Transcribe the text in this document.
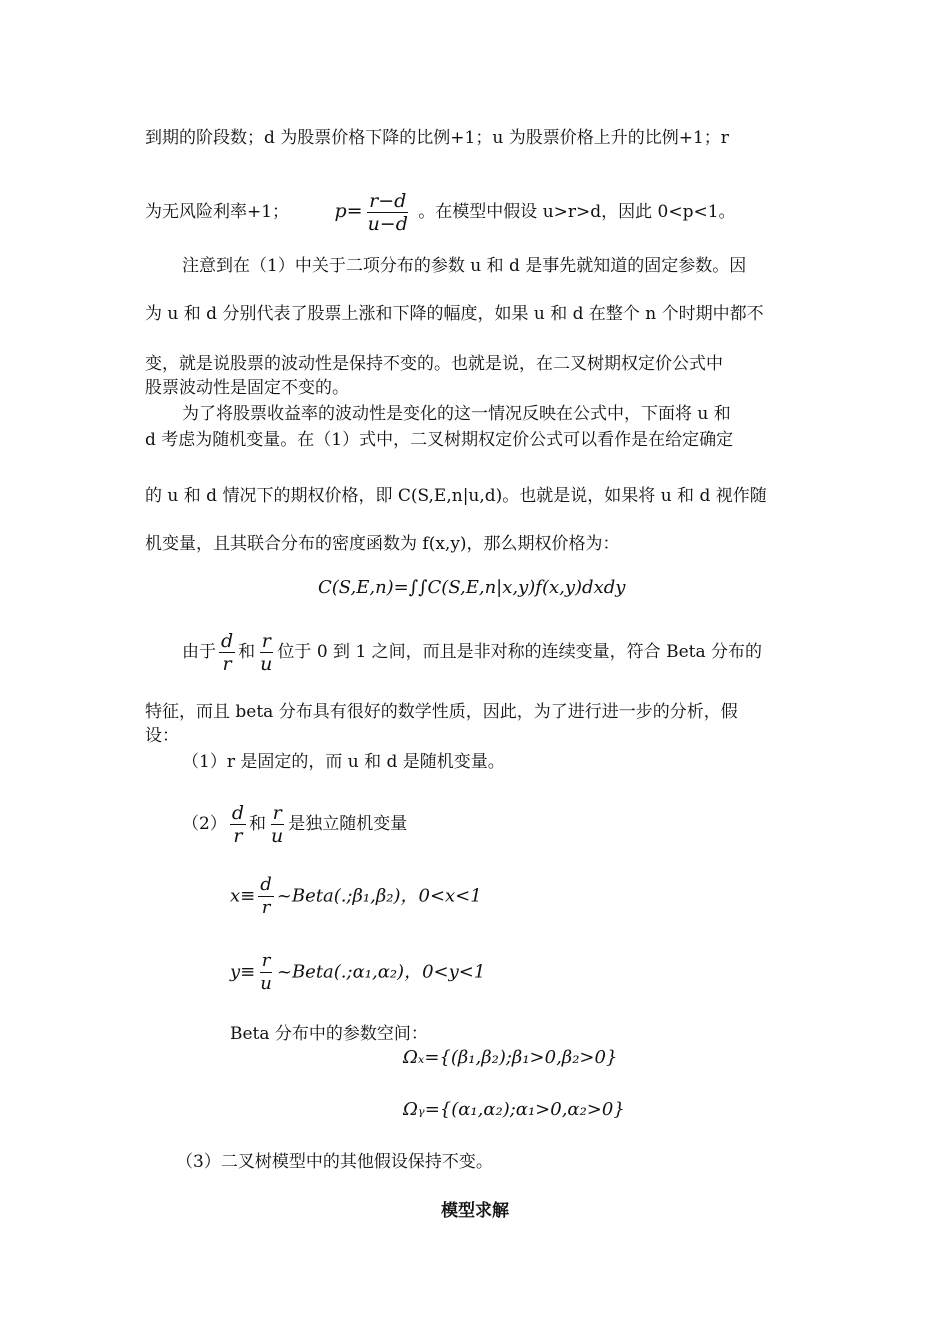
到期的阶段数；d 为股票价格下降的比例+1；u 为股票价格上升的比例+1；r
为无风险利率+1； $p= \frac{r-d}{u-d}$ 。在模型中假设 u>r>d，因此 0<p<1。
注意到在（1）中关于二项分布的参数 u 和 d 是事先就知道的固定参数。因
为 u 和 d 分别代表了股票上涨和下降的幅度，如果 u 和 d 在整个 n 个时期中都不
变，就是说股票的波动性是保持不变的。也就是说，在二叉树期权定价公式中
股票波动性是固定不变的。
为了将股票收益率的波动性是变化的这一情况反映在公式中，下面将 u 和
d 考虑为随机变量。在（1）式中，二叉树期权定价公式可以看作是在给定确定
的 u 和 d 情况下的期权价格，即 C(S,E,n|u,d)。也就是说，如果将 u 和 d 视作随
机变量，且其联合分布的密度函数为 f(x,y)，那么期权价格为：
C(S,E,n)=∫∫C(S,E,n|x,y)f(x,y)dxdy
由于 $\frac{d}{r}$ 和 $\frac{r}{u}$ 位于 0 到 1 之间，而且是非对称的连续变量，符合 Beta 分布的
特征，而且 beta 分布具有很好的数学性质，因此，为了进行进一步的分析，假
设：
（1）r 是固定的，而 u 和 d 是随机变量。
$(2) \frac{d}{r}$ 和 $\frac{r}{u}$ 是独立随机变量
$x\equiv \frac{d}{r}$ ~Beta(.;β₁,β₂)，0<x<1
$y\equiv \frac{r}{u}$ ~Beta(.;α₁,α₂)，0<y<1
Beta 分布中的参数空间：
Ωₓ={(β₁,β₂);β₁>0,β₂>0}
Ωᵧ={(α₁,α₂);α₁>0,α₂>0}
（3）二叉树模型中的其他假设保持不变。
模型求解
